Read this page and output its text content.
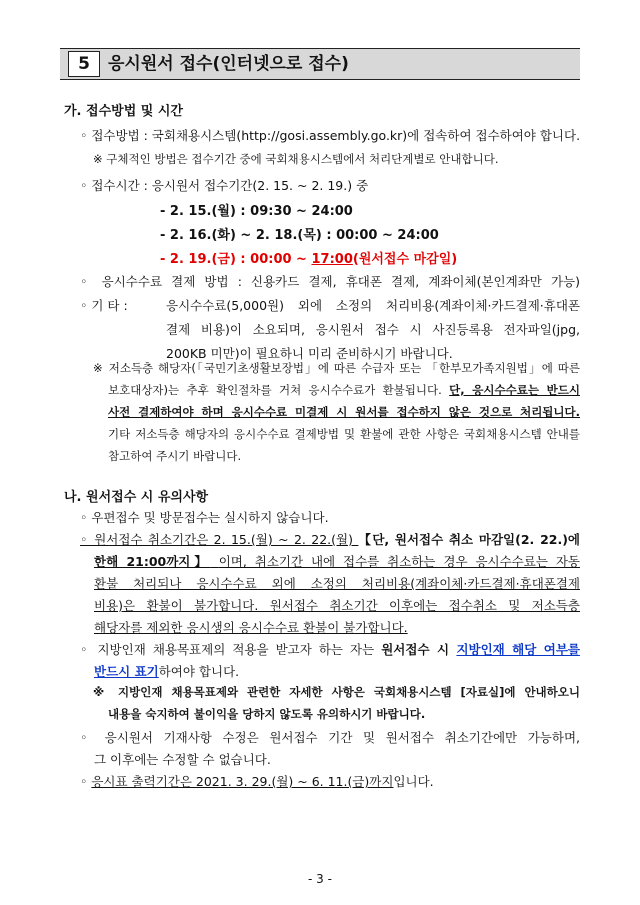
5	응시원서 접수(인터넷으로 접수)
가. 접수방법 및 시간
◦ 접수방법 : 국회채용시스템(http://gosi.assembly.go.kr)에 접속하여 접수하여야 합니다.
※ 구체적인 방법은 접수기간 중에 국회채용시스템에서 처리단계별로 안내합니다.
◦ 접수시간 : 응시원서 접수기간(2. 15. ~ 2. 19.) 중
- 2. 15.(월) : 09:30 ~ 24:00
- 2. 16.(화) ~ 2. 18.(목) : 00:00 ~ 24:00
- 2. 19.(금) : 00:00 ~ 17:00(원서접수 마감일)
◦ 응시수수료 결제 방법 : 신용카드 결제, 휴대폰 결제, 계좌이체(본인계좌만 가능)
◦ 기 타 :	응시수수료(5,000원) 외에 소정의 처리비용(계좌이체·카드결제·휴대폰
결제 비용)이 소요되며, 응시원서 접수 시 사진등록용 전자파일(jpg,
200KB 미만)이 필요하니 미리 준비하시기 바랍니다.
※ 저소득층 해당자(「국민기초생활보장법」에 따른 수급자 또는 「한부모가족지원법」에 따른
보호대상자)는 추후 확인절차를 거쳐 응시수수료가 환불됩니다. 단, 응시수수료는 반드시
사전 결제하여야 하며 응시수수료 미결제 시 원서를 접수하지 않은 것으로 처리됩니다.
기타 저소득층 해당자의 응시수수료 결제방법 및 환불에 관한 사항은 국회채용시스템 안내를
참고하여 주시기 바랍니다.
나. 원서접수 시 유의사항
◦ 우편접수 및 방문접수는 실시하지 않습니다.
◦ 원서접수 취소기간은 2. 15.(월) ~ 2. 22.(월) 【단, 원서접수 취소 마감일(2. 22.)에
한해 21:00까지】 이며, 취소기간 내에 접수를 취소하는 경우 응시수수료는 자동
환불 처리되나 응시수수료 외에 소정의 처리비용(계좌이체·카드결제·휴대폰결제
비용)은 환불이 불가합니다. 원서접수 취소기간 이후에는 접수취소 및 저소득층
해당자를 제외한 응시생의 응시수수료 환불이 불가합니다.
◦ 지방인재 채용목표제의 적용을 받고자 하는 자는 원서접수 시 지방인재 해당 여부를
반드시 표기하여야 합니다.
※ 지방인재 채용목표제와 관련한 자세한 사항은 국회채용시스템 [자료실]에 안내하오니
내용을 숙지하여 불이익을 당하지 않도록 유의하시기 바랍니다.
◦ 응시원서 기재사항 수정은 원서접수 기간 및 원서접수 취소기간에만 가능하며,
그 이후에는 수정할 수 없습니다.
◦ 응시표 출력기간은 2021. 3. 29.(월) ~ 6. 11.(금)까지입니다.
- 3 -
